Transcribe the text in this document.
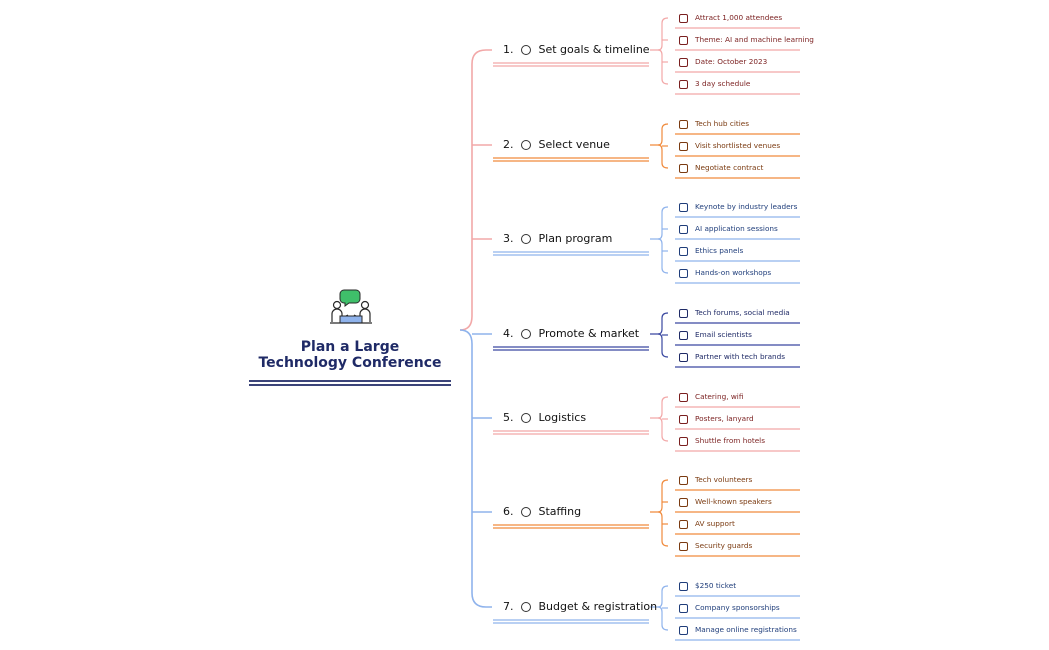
Plan a Large
Technology Conference
1. Set goals & timeline
Attract 1,000 attendees
Theme: AI and machine learning
Date: October 2023
3 day schedule
2. Select venue
Tech hub cities
Visit shortlisted venues
Negotiate contract
3. Plan program
Keynote by industry leaders
AI application sessions
Ethics panels
Hands-on workshops
4. Promote & market
Tech forums, social media
Email scientists
Partner with tech brands
5. Logistics
Catering, wifi
Posters, lanyard
Shuttle from hotels
6. Staffing
Tech volunteers
Well-known speakers
AV support
Security guards
7. Budget & registration
$250 ticket
Company sponsorships
Manage online registrations
